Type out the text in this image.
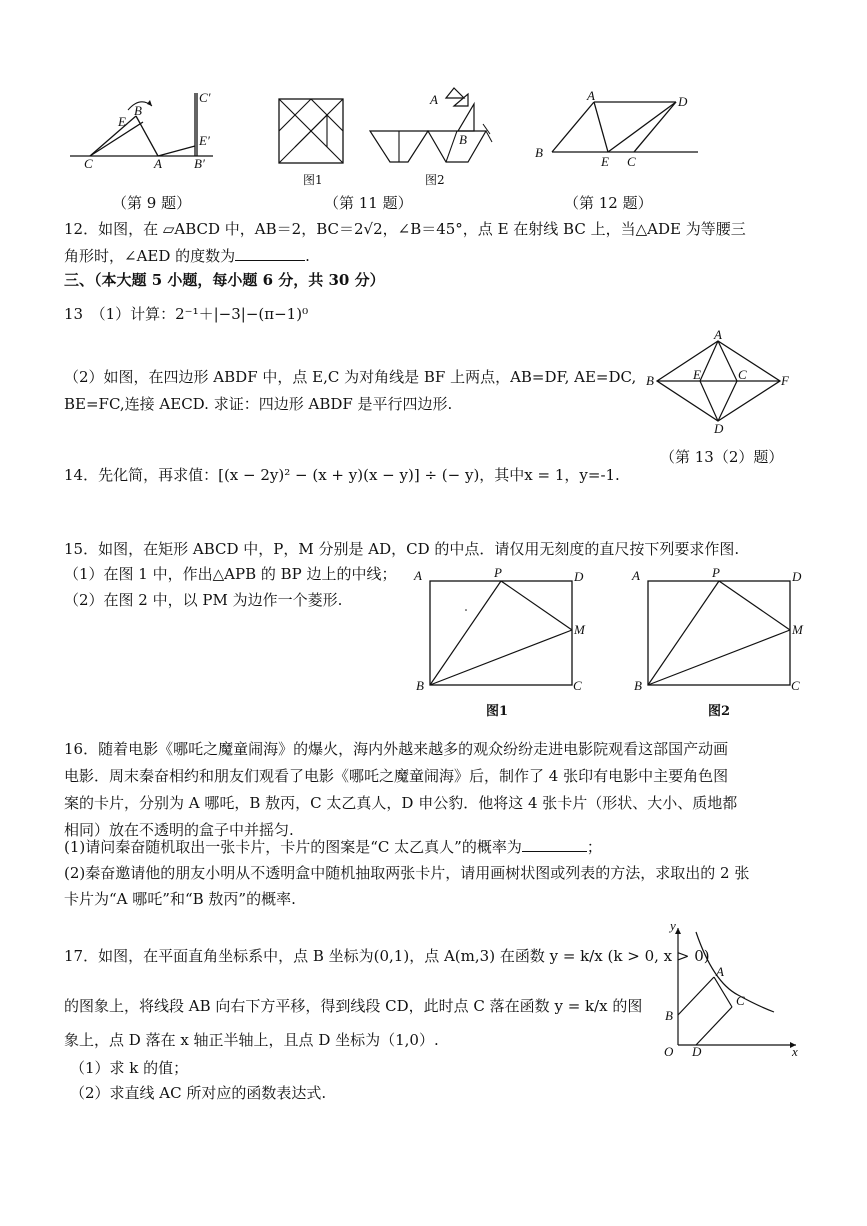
B
E
C	A B′
E′
C′
图1
A
B
图2
A	D
B
E C
（第 9 题）	（第 11 题）	（第 12 题）
12．如图，在 ▱ABCD 中，AB＝2，BC＝2√2，∠B＝45°，点 E 在射线 BC 上，当△ADE 为等腰三
角形时，∠AED 的度数为	.
三、（本大题 5 小题，每小题 6 分，共 30 分）
13　（1）计算：2⁻¹＋|−3|−(π−1)⁰
（2）如图，在四边形 ABDF 中，点 E,C 为对角线是 BF 上两点，AB=DF, AE=DC,
BE=FC,连接 AECD. 求证：四边形 ABDF 是平行四边形.
A
B	E	C	F
D
（第 13（2）题）
14．先化简，再求值：[(x − 2y)² − (x + y)(x − y)] ÷ (− y)，其中x = 1，y=-1.
15．如图，在矩形 ABCD 中，P，M 分别是 AD，CD 的中点．请仅用无刻度的直尺按下列要求作图.
（1）在图 1 中，作出△APB 的 BP 边上的中线；
（2）在图 2 中，以 PM 为边作一个菱形.
A	P	D
M
B	C
图1
A	P	D
M
B	C
图2
16．随着电影《哪吒之魔童闹海》的爆火，海内外越来越多的观众纷纷走进电影院观看这部国产动画
电影．周末秦奋相约和朋友们观看了电影《哪吒之魔童闹海》后，制作了 4 张印有电影中主要角色图
案的卡片，分别为 A 哪吒，B 敖丙，C 太乙真人，D 申公豹．他将这 4 张卡片（形状、大小、质地都
相同）放在不透明的盒子中并摇匀.
(1)请问秦奋随机取出一张卡片，卡片的图案是“C 太乙真人”的概率为	；
(2)秦奋邀请他的朋友小明从不透明盒中随机抽取两张卡片，请用画树状图或列表的方法，求取出的 2 张
卡片为“A 哪吒”和“B 敖丙”的概率.
17．如图，在平面直角坐标系中，点 B 坐标为(0,1)，点 A(m,3) 在函数 y = k/x (k > 0, x > 0)
的图象上，将线段 AB 向右下方平移，得到线段 CD，此时点 C 落在函数 y = k/x 的图
象上，点 D 落在 x 轴正半轴上，且点 D 坐标为（1,0）.
（1）求 k 的值；
（2）求直线 AC 所对应的函数表达式.
y
A
C
B
O D	x
